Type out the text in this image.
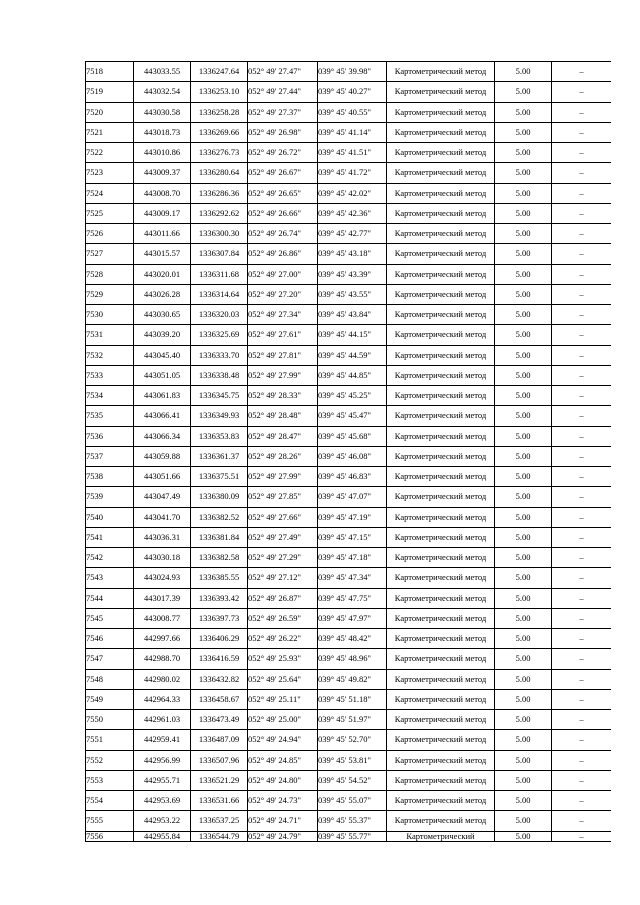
7518	443033.55	1336247.64	052° 49' 27.47"	039° 45' 39.98"	Картометрический метод	5.00	–
7519	443032.54	1336253.10	052° 49' 27.44"	039° 45' 40.27"	Картометрический метод	5.00	–
7520	443030.58	1336258.28	052° 49' 27.37"	039° 45' 40.55"	Картометрический метод	5.00	–
7521	443018.73	1336269.66	052° 49' 26.98"	039° 45' 41.14"	Картометрический метод	5.00	–
7522	443010.86	1336276.73	052° 49' 26.72"	039° 45' 41.51"	Картометрический метод	5.00	–
7523	443009.37	1336280.64	052° 49' 26.67"	039° 45' 41.72"	Картометрический метод	5.00	–
7524	443008.70	1336286.36	052° 49' 26.65"	039° 45' 42.02"	Картометрический метод	5.00	–
7525	443009.17	1336292.62	052° 49' 26.66"	039° 45' 42.36"	Картометрический метод	5.00	–
7526	443011.66	1336300.30	052° 49' 26.74"	039° 45' 42.77"	Картометрический метод	5.00	–
7527	443015.57	1336307.84	052° 49' 26.86"	039° 45' 43.18"	Картометрический метод	5.00	–
7528	443020.01	1336311.68	052° 49' 27.00"	039° 45' 43.39"	Картометрический метод	5.00	–
7529	443026.28	1336314.64	052° 49' 27.20"	039° 45' 43.55"	Картометрический метод	5.00	–
7530	443030.65	1336320.03	052° 49' 27.34"	039° 45' 43.84"	Картометрический метод	5.00	–
7531	443039.20	1336325.69	052° 49' 27.61"	039° 45' 44.15"	Картометрический метод	5.00	–
7532	443045.40	1336333.70	052° 49' 27.81"	039° 45' 44.59"	Картометрический метод	5.00	–
7533	443051.05	1336338.48	052° 49' 27.99"	039° 45' 44.85"	Картометрический метод	5.00	–
7534	443061.83	1336345.75	052° 49' 28.33"	039° 45' 45.25"	Картометрический метод	5.00	–
7535	443066.41	1336349.93	052° 49' 28.48"	039° 45' 45.47"	Картометрический метод	5.00	–
7536	443066.34	1336353.83	052° 49' 28.47"	039° 45' 45.68"	Картометрический метод	5.00	–
7537	443059.88	1336361.37	052° 49' 28.26"	039° 45' 46.08"	Картометрический метод	5.00	–
7538	443051.66	1336375.51	052° 49' 27.99"	039° 45' 46.83"	Картометрический метод	5.00	–
7539	443047.49	1336380.09	052° 49' 27.85"	039° 45' 47.07"	Картометрический метод	5.00	–
7540	443041.70	1336382.52	052° 49' 27.66"	039° 45' 47.19"	Картометрический метод	5.00	–
7541	443036.31	1336381.84	052° 49' 27.49"	039° 45' 47.15"	Картометрический метод	5.00	–
7542	443030.18	1336382.58	052° 49' 27.29"	039° 45' 47.18"	Картометрический метод	5.00	–
7543	443024.93	1336385.55	052° 49' 27.12"	039° 45' 47.34"	Картометрический метод	5.00	–
7544	443017.39	1336393.42	052° 49' 26.87"	039° 45' 47.75"	Картометрический метод	5.00	–
7545	443008.77	1336397.73	052° 49' 26.59"	039° 45' 47.97"	Картометрический метод	5.00	–
7546	442997.66	1336406.29	052° 49' 26.22"	039° 45' 48.42"	Картометрический метод	5.00	–
7547	442988.70	1336416.59	052° 49' 25.93"	039° 45' 48.96"	Картометрический метод	5.00	–
7548	442980.02	1336432.82	052° 49' 25.64"	039° 45' 49.82"	Картометрический метод	5.00	–
7549	442964.33	1336458.67	052° 49' 25.11"	039° 45' 51.18"	Картометрический метод	5.00	–
7550	442961.03	1336473.49	052° 49' 25.00"	039° 45' 51.97"	Картометрический метод	5.00	–
7551	442959.41	1336487.09	052° 49' 24.94"	039° 45' 52.70"	Картометрический метод	5.00	–
7552	442956.99	1336507.96	052° 49' 24.85"	039° 45' 53.81"	Картометрический метод	5.00	–
7553	442955.71	1336521.29	052° 49' 24.80"	039° 45' 54.52"	Картометрический метод	5.00	–
7554	442953.69	1336531.66	052° 49' 24.73"	039° 45' 55.07"	Картометрический метод	5.00	–
7555	442953.22	1336537.25	052° 49' 24.71"	039° 45' 55.37"	Картометрический метод	5.00	–
7556	442955.84	1336544.79	052° 49' 24.79"	039° 45' 55.77"	Картометрический	5.00	–
